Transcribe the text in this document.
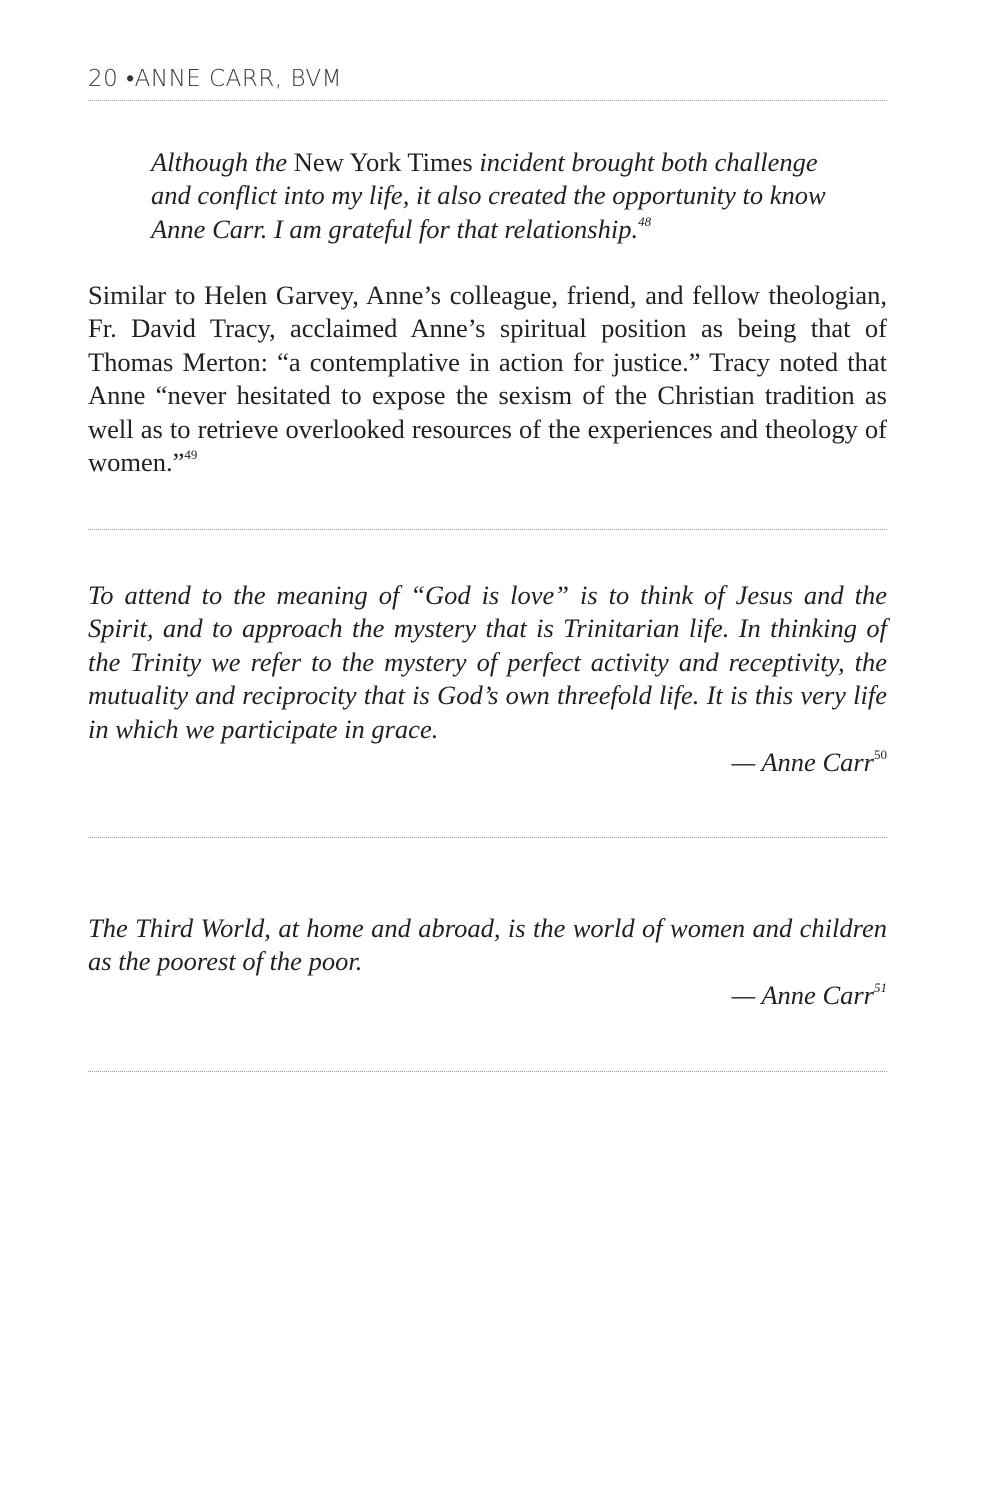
20 •ANNE CARR, BVM
Although the New York Times incident brought both challenge and conflict into my life, it also created the opportunity to know Anne Carr. I am grateful for that relationship.$^{48}$
Similar to Helen Garvey, Anne’s colleague, friend, and fellow theologian, Fr. David Tracy, acclaimed Anne’s spiritual position as being that of Thomas Merton: “a contemplative in action for justice.” Tracy noted that Anne “never hesitated to expose the sexism of the Christian tradition as well as to retrieve overlooked resources of the experiences and theology of women.”$^{49}$
To attend to the meaning of “God is love” is to think of Jesus and the Spirit, and to approach the mystery that is Trinitarian life. In thinking of the Trinity we refer to the mystery of perfect activity and receptivity, the mutuality and reciprocity that is God’s own threefold life. It is this very life in which we participate in grace.
— Anne Carr$^{50}$
The Third World, at home and abroad, is the world of women and children as the poorest of the poor.
— Anne Carr$^{51}$
